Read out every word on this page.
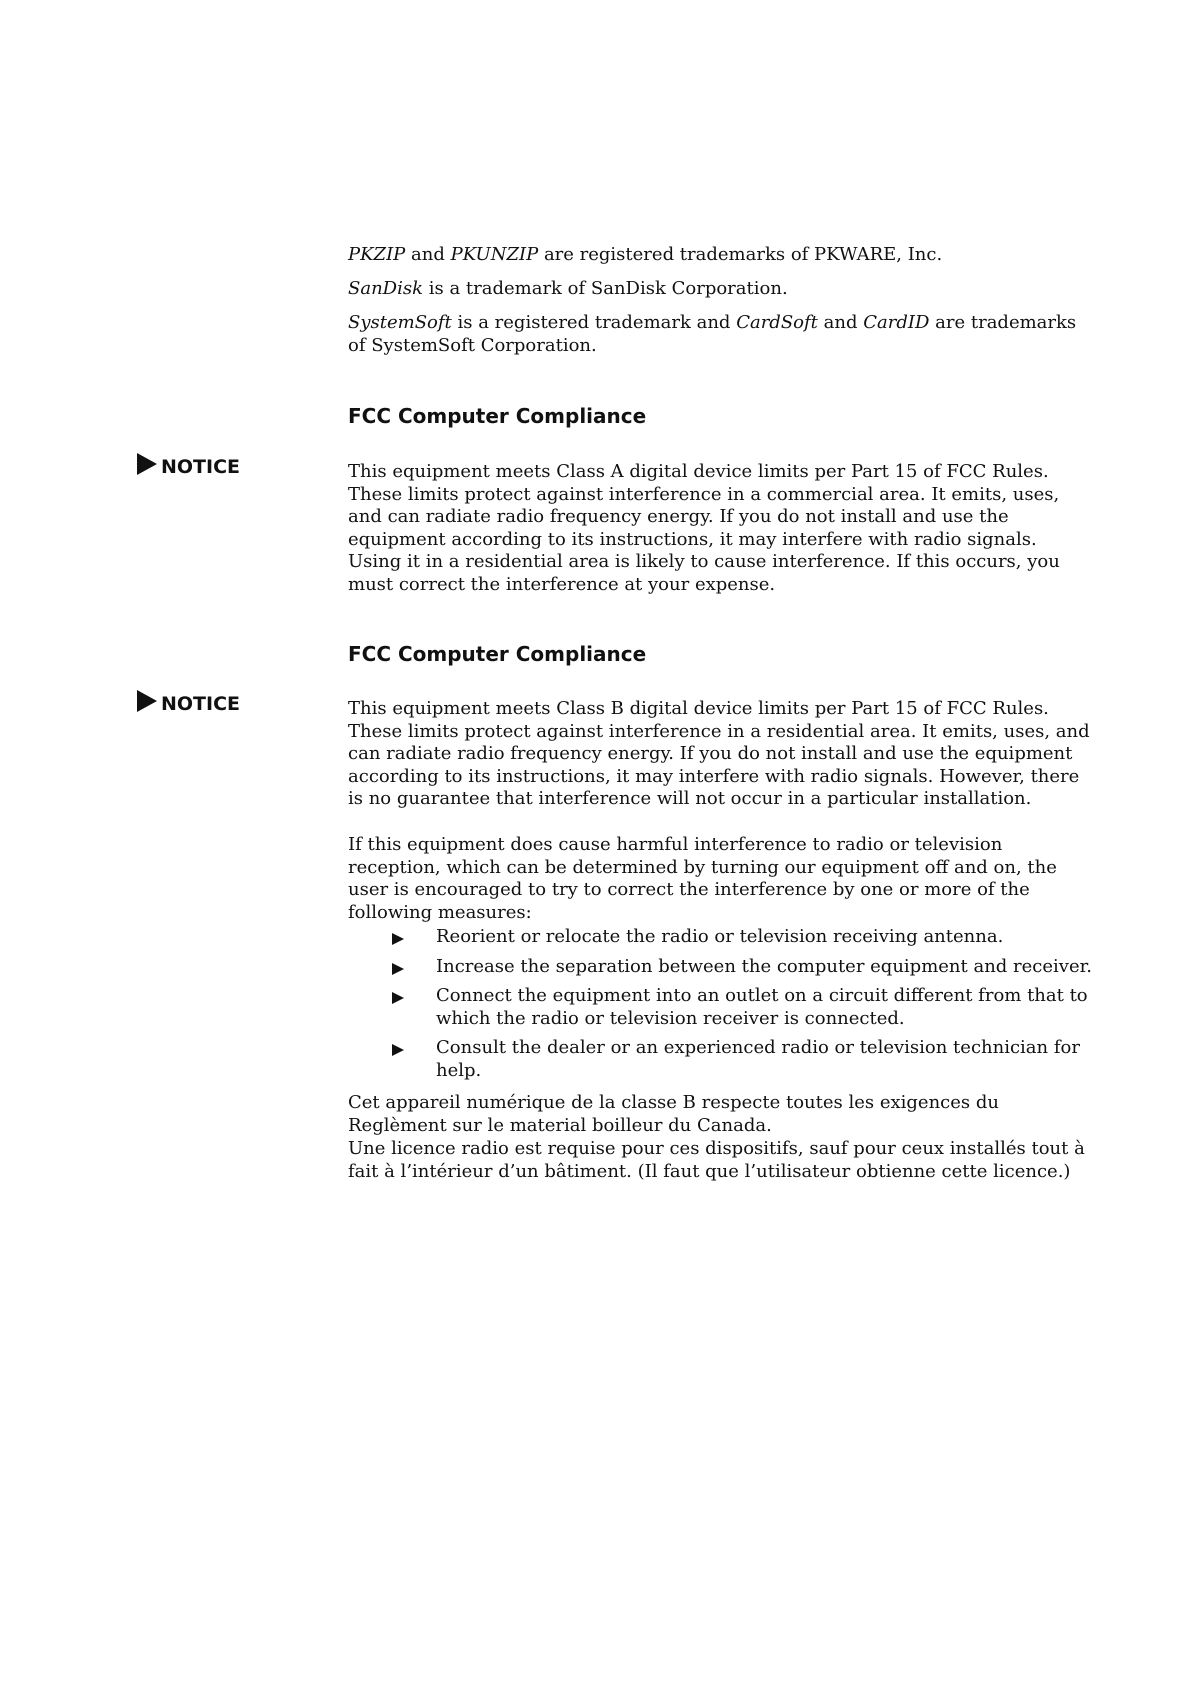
PKZIP and PKUNZIP are registered trademarks of PKWARE, Inc.

SanDisk is a trademark of SanDisk Corporation.

SystemSoft is a registered trademark and CardSoft and CardID are trademarks of SystemSoft Corporation.

FCC Computer Compliance
NOTICE	This equipment meets Class A digital device limits per Part 15 of FCC Rules. These limits protect against interference in a commercial area. It emits, uses, and can radiate radio frequency energy. If you do not install and use the equipment according to its instructions, it may interfere with radio signals. Using it in a residential area is likely to cause interference. If this occurs, you must correct the interference at your expense.

FCC Computer Compliance
NOTICE	This equipment meets Class B digital device limits per Part 15 of FCC Rules. These limits protect against interference in a residential area. It emits, uses, and can radiate radio frequency energy. If you do not install and use the equipment according to its instructions, it may interfere with radio signals. However, there is no guarantee that interference will not occur in a particular installation.

If this equipment does cause harmful interference to radio or television reception, which can be determined by turning our equipment off and on, the user is encouraged to try to correct the interference by one or more of the following measures:

Reorient or relocate the radio or television receiving antenna.
Increase the separation between the computer equipment and receiver.
Connect the equipment into an outlet on a circuit different from that to which the radio or television receiver is connected.
Consult the dealer or an experienced radio or television technician for help.

Cet appareil numérique de la classe B respecte toutes les exigences du Reglèment sur le material boilleur du Canada.

Une licence radio est requise pour ces dispositifs, sauf pour ceux installés tout à fait à l’intérieur d’un bâtiment. (Il faut que l’utilisateur obtienne cette licence.)
